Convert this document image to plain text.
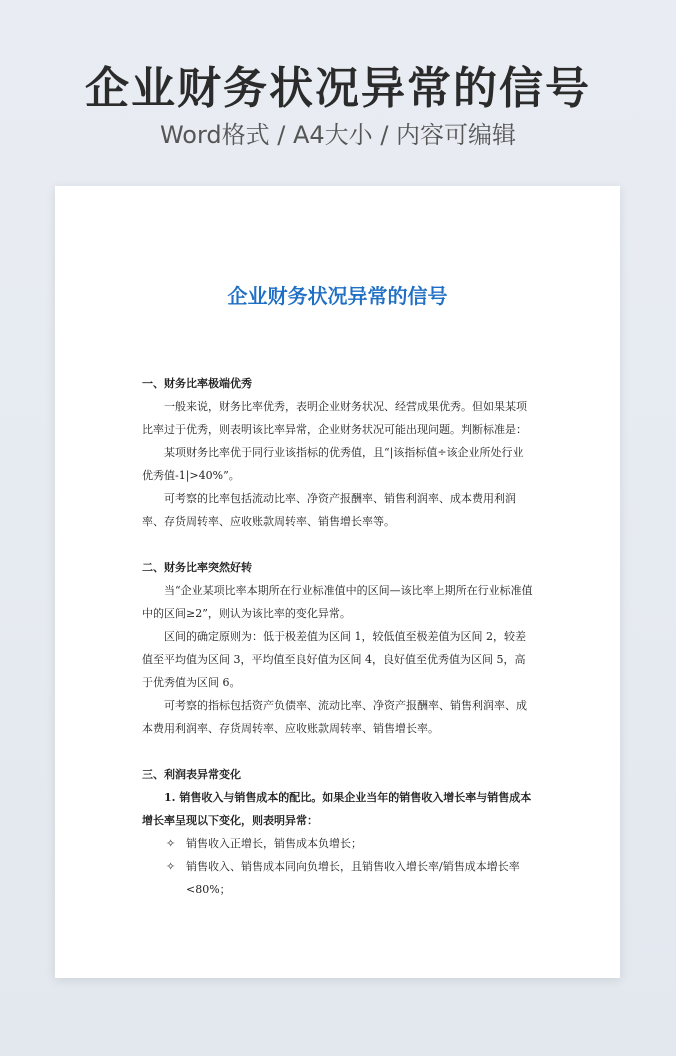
企业财务状况异常的信号
Word格式 / A4大小 / 内容可编辑
企业财务状况异常的信号

一、财务比率极端优秀

一般来说，财务比率优秀，表明企业财务状况、经营成果优秀。但如果某项比率过于优秀，则表明该比率异常，企业财务状况可能出现问题。判断标准是：

某项财务比率优于同行业该指标的优秀值，且“|该指标值÷该企业所处行业优秀值-1|>40%”。

可考察的比率包括流动比率、净资产报酬率、销售利润率、成本费用利润率、存货周转率、应收账款周转率、销售增长率等。

二、财务比率突然好转

当“企业某项比率本期所在行业标准值中的区间—该比率上期所在行业标准值中的区间≥2”，则认为该比率的变化异常。

区间的确定原则为：低于极差值为区间 1，较低值至极差值为区间 2，较差值至平均值为区间 3，平均值至良好值为区间 4，良好值至优秀值为区间 5，高于优秀值为区间 6。

可考察的指标包括资产负债率、流动比率、净资产报酬率、销售利润率、成本费用利润率、存货周转率、应收账款周转率、销售增长率。

三、利润表异常变化

1. 销售收入与销售成本的配比。如果企业当年的销售收入增长率与销售成本增长率呈现以下变化，则表明异常：

✧ 销售收入正增长，销售成本负增长；

✧ 销售收入、销售成本同向负增长，且销售收入增长率/销售成本增长率<80%；
